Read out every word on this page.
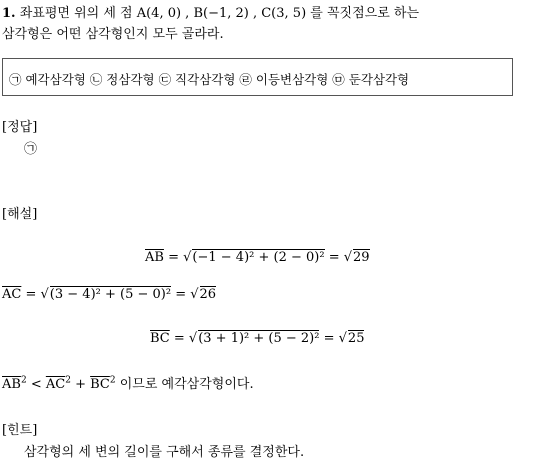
1. 좌표평면 위의 세 점 A(4, 0) , B(−1, 2) , C(3, 5) 를 꼭짓점으로 하는
삼각형은 어떤 삼각형인지 모두 골라라.
㉠ 예각삼각형 ㉡ 정삼각형 ㉢ 직각삼각형 ㉣ 이등변삼각형 ㉤ 둔각삼각형
[정답]
㉠
[해설]
$\overline{AB} = √(-1 - 4)^2 + (2 - 0)^2 = √29$
$\overline{AC} = √(3 - 4)^2 + (5 - 0)^2 = √26$
$\overline{BC} = √(3 + 1)^2 + (5 - 2)^2 = √25$
$\overline{AB}^2 < \overline{AC}^2 + \overline{BC}^2$ 이므로 예각삼각형이다.
[힌트]
삼각형의 세 변의 길이를 구해서 종류를 결정한다.
